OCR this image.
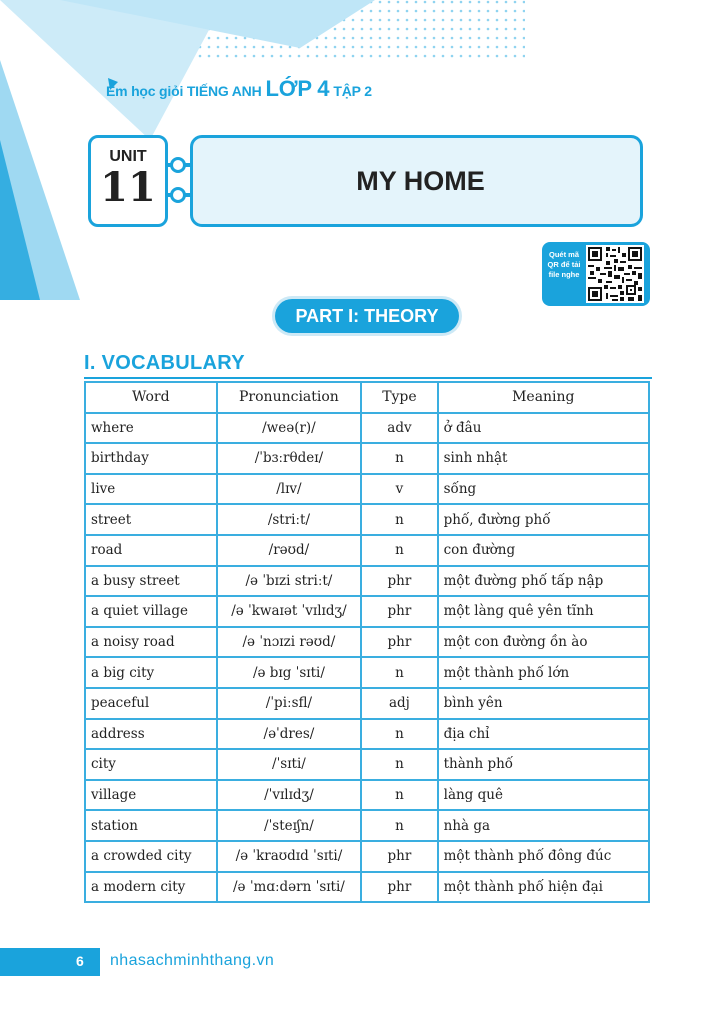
Em học giỏi TIẾNG ANH LỚP 4 TẬP 2
UNIT
11	MY HOME
Quét mã QR để tải file nghe
PART I: THEORY
I. VOCABULARY
Word	Pronunciation	Type	Meaning
where	/weə(r)/	adv	ở đâu
birthday	/ˈbɜːrθdeɪ/	n	sinh nhật
live	/lɪv/	v	sống
street	/striːt/	n	phố, đường phố
road	/rəʊd/	n	con đường
a busy street	/ə ˈbɪzi striːt/	phr	một đường phố tấp nập
a quiet village	/ə ˈkwaɪət ˈvɪlɪdʒ/	phr	một làng quê yên tĩnh
a noisy road	/ə ˈnɔɪzi rəʊd/	phr	một con đường ồn ào
a big city	/ə bɪg ˈsɪti/	n	một thành phố lớn
peaceful	/ˈpiːsfl/	adj	bình yên
address	/əˈdres/	n	địa chỉ
city	/ˈsɪti/	n	thành phố
village	/ˈvɪlɪdʒ/	n	làng quê
station	/ˈsteɪʃn/	n	nhà ga
a crowded city	/ə ˈkraʊdɪd ˈsɪti/	phr	một thành phố đông đúc
a modern city	/ə ˈmɑːdərn ˈsɪti/	phr	một thành phố hiện đại
6 nhasachminhthang.vn
